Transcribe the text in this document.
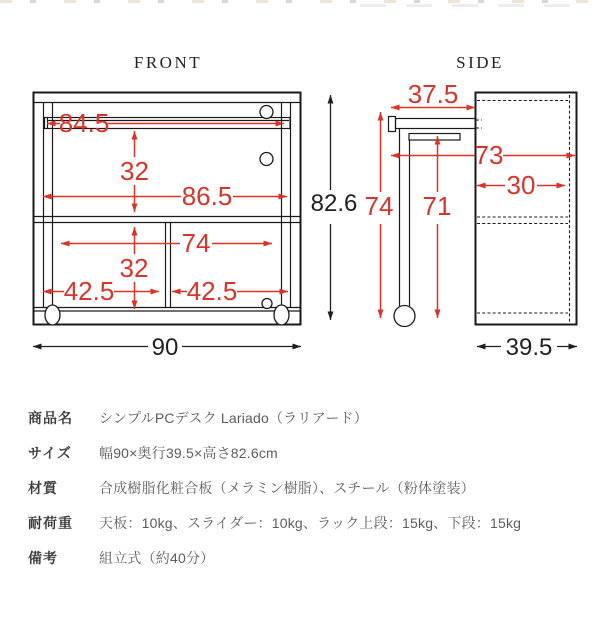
FRONT
84.5
32
86.5
74
32
42.5	42.5
90
82.6
SIDE
37.5
73
30
74 71
39.5
商品名	シンプルPCデスク Lariado（ラリアード）
サイズ	幅90×奥行39.5×高さ82.6cm
材質	合成樹脂化粧合板（メラミン樹脂）、スチール（粉体塗装）
耐荷重	天板：10kg、スライダー：10kg、ラック上段：15kg、下段：15kg
備考	組立式（約40分）
